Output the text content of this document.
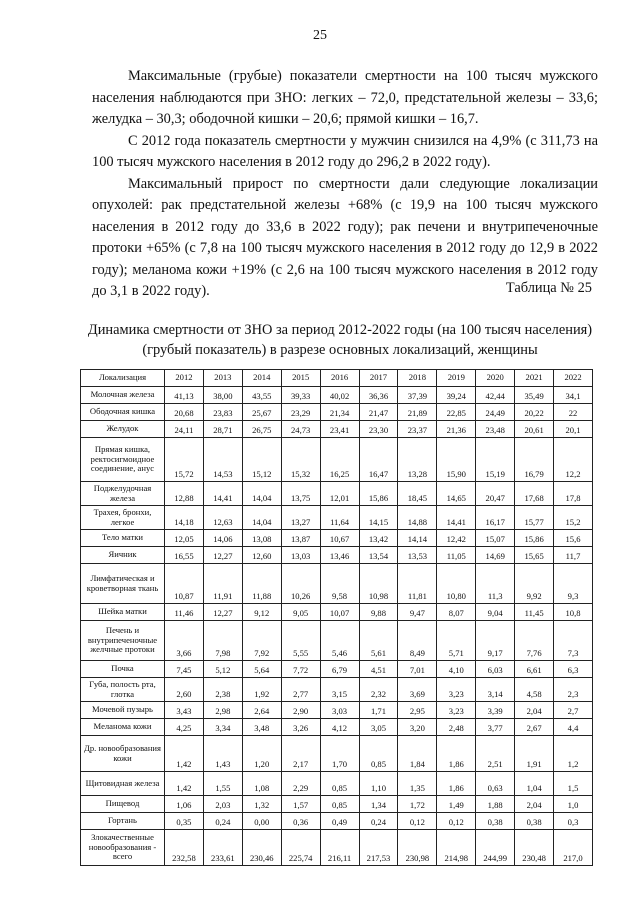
25

Максимальные (грубые) показатели смертности на 100 тысяч мужского населения наблюдаются при ЗНО: легких – 72,0, предстательной железы – 33,6; желудка – 30,3; ободочной кишки – 20,6; прямой кишки – 16,7.

С 2012 года показатель смертности у мужчин снизился на 4,9% (с 311,73 на 100 тысяч мужского населения в 2012 году до 296,2 в 2022 году).

Максимальный прирост по смертности дали следующие локализации опухолей: рак предстательной железы +68% (с 19,9 на 100 тысяч мужского населения в 2012 году до 33,6 в 2022 году); рак печени и внутрипеченочные протоки +65% (с 7,8 на 100 тысяч мужского населения в 2012 году до 12,9 в 2022 году); меланома кожи +19% (с 2,6 на 100 тысяч мужского населения в 2012 году до 3,1 в 2022 году).	Таблица № 25
Динамика смертности от ЗНО за период 2012-2022 годы (на 100 тысяч населения) (грубый показатель) в разрезе основных локализаций, женщины
Локализация	2012	2013	2014	2015	2016	2017	2018	2019	2020	2021	2022
Молочная железа	41,13	38,00	43,55	39,33	40,02	36,36	37,39	39,24	42,44	35,49	34,1
Ободочная кишка	20,68	23,83	25,67	23,29	21,34	21,47	21,89	22,85	24,49	20,22	22
Желудок	24,11	28,71	26,75	24,73	23,41	23,30	23,37	21,36	23,48	20,61	20,1
Прямая кишка, ректосигмоидное соединение, анус	15,72	14,53	15,12	15,32	16,25	16,47	13,28	15,90	15,19	16,79	12,2
Поджелудочная железа	12,88	14,41	14,04	13,75	12,01	15,86	18,45	14,65	20,47	17,68	17,8
Трахея, бронхи, легкое	14,18	12,63	14,04	13,27	11,64	14,15	14,88	14,41	16,17	15,77	15,2
Тело матки	12,05	14,06	13,08	13,87	10,67	13,42	14,14	12,42	15,07	15,86	15,6
Яичник	16,55	12,27	12,60	13,03	13,46	13,54	13,53	11,05	14,69	15,65	11,7
Лимфатическая и кроветворная ткань	10,87	11,91	11,88	10,26	9,58	10,98	11,81	10,80	11,3	9,92	9,3
Шейка матки	11,46	12,27	9,12	9,05	10,07	9,88	9,47	8,07	9,04	11,45	10,8
Печень и внутрипеченочные желчные протоки	3,66	7,98	7,92	5,55	5,46	5,61	8,49	5,71	9,17	7,76	7,3
Почка	7,45	5,12	5,64	7,72	6,79	4,51	7,01	4,10	6,03	6,61	6,3
Губа, полость рта, глотка	2,60	2,38	1,92	2,77	3,15	2,32	3,69	3,23	3,14	4,58	2,3
Мочевой пузырь	3,43	2,98	2,64	2,90	3,03	1,71	2,95	3,23	3,39	2,04	2,7
Меланома кожи	4,25	3,34	3,48	3,26	4,12	3,05	3,20	2,48	3,77	2,67	4,4
Др. новообразования кожи	1,42	1,43	1,20	2,17	1,70	0,85	1,84	1,86	2,51	1,91	1,2
Щитовидная железа	1,42	1,55	1,08	2,29	0,85	1,10	1,35	1,86	0,63	1,04	1,5
Пищевод	1,06	2,03	1,32	1,57	0,85	1,34	1,72	1,49	1,88	2,04	1,0
Гортань	0,35	0,24	0,00	0,36	0,49	0,24	0,12	0,12	0,38	0,38	0,3
Злокачественные новообразования - всего	232,58	233,61	230,46	225,74	216,11	217,53	230,98	214,98	244,99	230,48	217,0
